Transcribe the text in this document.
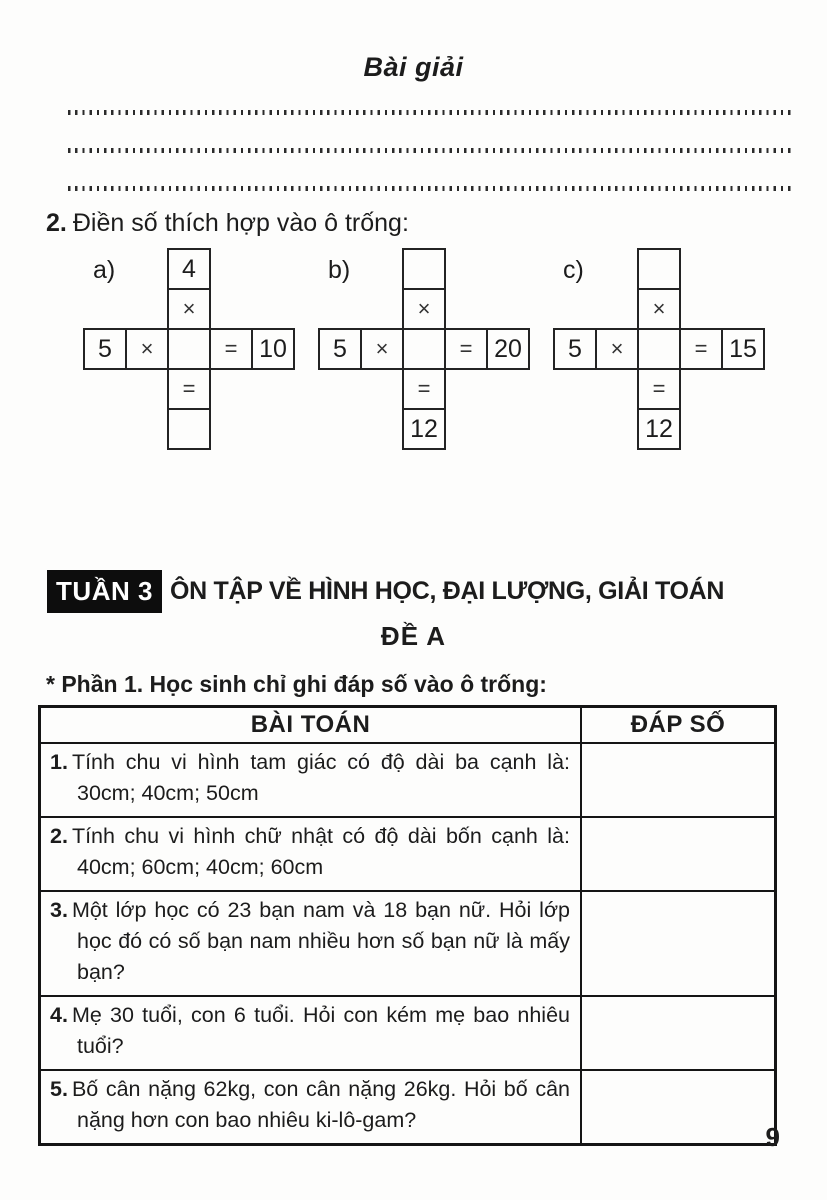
Bài giải
2. Điền số thích hợp vào ô trống:
a)	4
×
5	×	= 10
=
b)
×
5	×	= 20
=
12
c)
×
5	×	= 15
=
12
TUẦN 3 ÔN TẬP VỀ HÌNH HỌC, ĐẠI LƯỢNG, GIẢI TOÁN
ĐỀ A
* Phần 1. Học sinh chỉ ghi đáp số vào ô trống:
BÀI TOÁN	ĐÁP SỐ
1. Tính chu vi hình tam giác có độ dài ba cạnh là: 30cm; 40cm; 50cm
2. Tính chu vi hình chữ nhật có độ dài bốn cạnh là: 40cm; 60cm; 40cm; 60cm
3. Một lớp học có 23 bạn nam và 18 bạn nữ. Hỏi lớp học đó có số bạn nam nhiều hơn số bạn nữ là mấy bạn?
4. Mẹ 30 tuổi, con 6 tuổi. Hỏi con kém mẹ bao nhiêu tuổi?
5. Bố cân nặng 62kg, con cân nặng 26kg. Hỏi bố cân nặng hơn con bao nhiêu ki-lô-gam?
9
